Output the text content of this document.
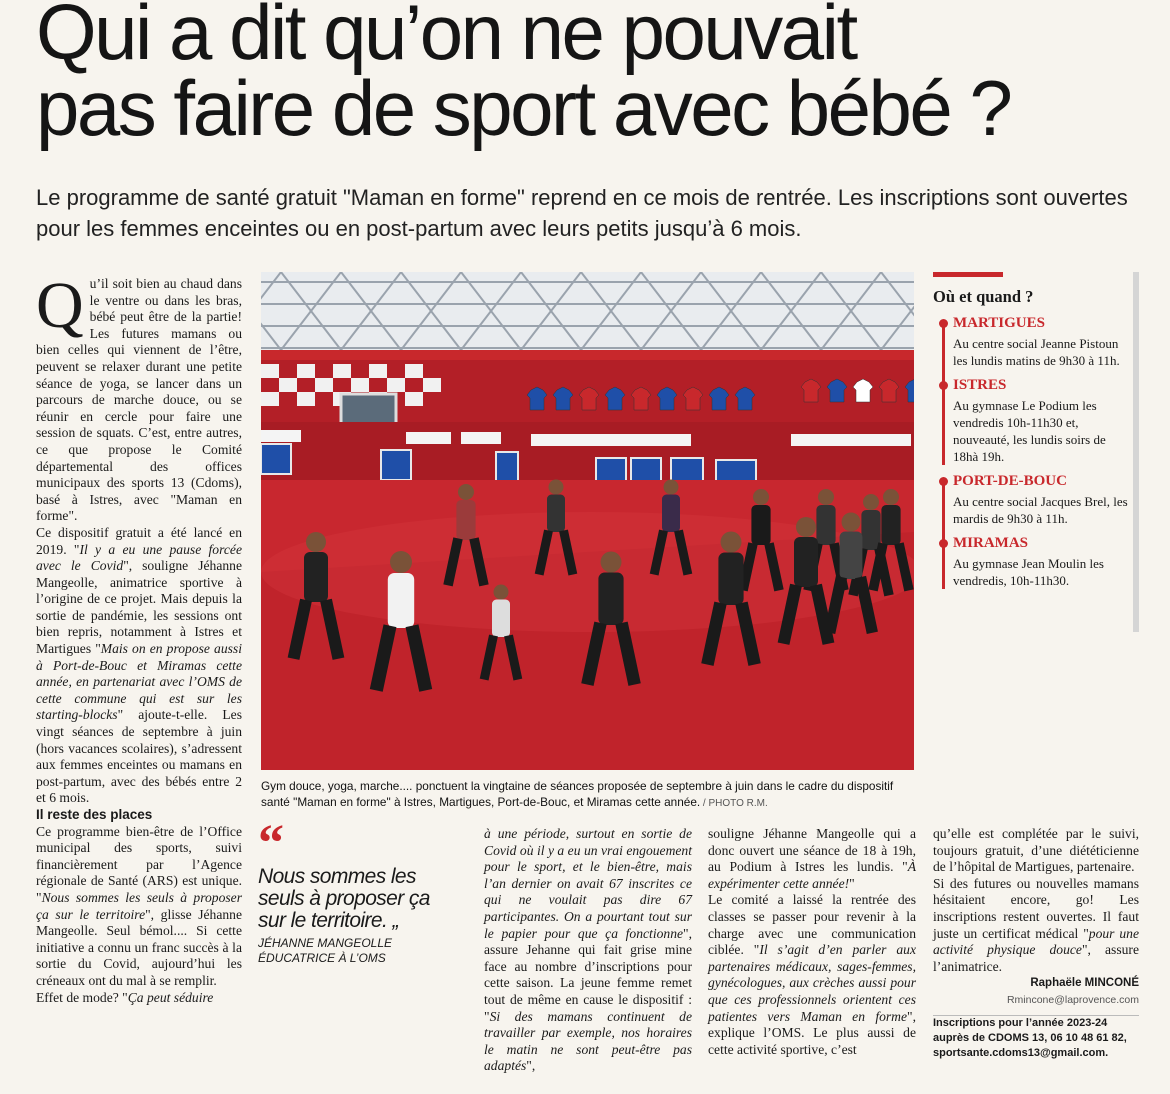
Qui a dit qu’on ne pouvait
pas faire de sport avec bébé ?

Le programme de santé gratuit "Maman en forme" reprend en ce mois de rentrée. Les inscriptions sont ouvertes pour les femmes enceintes ou en post-partum avec leurs petits jusqu’à 6 mois.

Qu’il soit bien au chaud dans le ventre ou dans les bras, bébé peut être de la partie! Les futures mamans ou bien celles qui viennent de l’être, peuvent se relaxer durant une petite séance de yoga, se lancer dans un parcours de marche douce, ou se réunir en cercle pour faire une session de squats. C’est, entre autres, ce que propose le Comité départemental des offices municipaux des sports 13 (Cdoms), basé à Istres, avec "Maman en forme".

Ce dispositif gratuit a été lancé en 2019. "Il y a eu une pause forcée avec le Covid", souligne Jéhanne Mangeolle, animatrice sportive à l’origine de ce projet. Mais depuis la sortie de pandémie, les sessions ont bien repris, notamment à Istres et Martigues "Mais on en propose aussi à Port-de-Bouc et Miramas cette année, en partenariat avec l’OMS de cette commune qui est sur les starting-blocks" ajoute-t-elle. Les vingt séances de septembre à juin (hors vacances scolaires), s’adressent aux femmes enceintes ou mamans en post-partum, avec des bébés entre 2 et 6 mois.

Il reste des places

Ce programme bien-être de l’Office municipal des sports, suivi financièrement par l’Agence régionale de Santé (ARS) est unique. "Nous sommes les seuls à proposer ça sur le territoire", glisse Jéhanne Mangeolle. Seul bémol.... Si cette initiative a connu un franc succès à la sortie du Covid, aujourd’hui les créneaux ont du mal à se remplir.

Effet de mode? "Ça peut séduire

Gym douce, yoga, marche.... ponctuent la vingtaine de séances proposée de septembre à juin dans le cadre du dispositif santé "Maman en forme" à Istres, Martigues, Port-de-Bouc, et Miramas cette année. / PHOTO R.M.
“
Nous sommes les seuls à proposer ça sur le territoire. „
JÉHANNE MANGEOLLE
ÉDUCATRICE À L’OMS

à une période, surtout en sortie de Covid où il y a eu un vrai engouement pour le sport, et le bien-être, mais l’an dernier on avait 67 inscrites ce qui ne voulait pas dire 67 participantes. On a pourtant tout sur le papier pour que ça fonctionne", assure Jehanne qui fait grise mine face au nombre d’inscriptions pour cette saison. La jeune femme remet tout de même en cause le dispositif : "Si des mamans continuent de travailler par exemple, nos horaires le matin ne sont peut-être pas adaptés",

souligne Jéhanne Mangeolle qui a donc ouvert une séance de 18 à 19h, au Podium à Istres les lundis. "À expérimenter cette année!"

Le comité a laissé la rentrée des classes se passer pour revenir à la charge avec une communication ciblée. "Il s’agit d’en parler aux partenaires médicaux, sages-femmes, gynécologues, aux crèches aussi pour que ces professionnels orientent ces patientes vers Maman en forme", explique l’OMS. Le plus aussi de cette activité sportive, c’est

qu’elle est complétée par le suivi, toujours gratuit, d’une diététicienne de l’hôpital de Martigues, partenaire.

Si des futures ou nouvelles mamans hésitaient encore, go! Les inscriptions restent ouvertes. Il faut juste un certificat médical "pour une activité physique douce", assure l’animatrice.

Raphaële MINCONÉ

Rmincone@laprovence.com

Inscriptions pour l’année 2023-24 auprès de CDOMS 13, 06 10 48 61 82, sportsante.cdoms13@gmail.com.

Où et quand ?
MARTIGUES
Au centre social Jeanne Pistoun les lundis matins de 9h30 à 11h.
ISTRES
Au gymnase Le Podium les vendredis 10h-11h30 et, nouveauté, les lundis soirs de 18hà 19h.
PORT-DE-BOUC
Au centre social Jacques Brel, les mardis de 9h30 à 11h.
MIRAMAS
Au gymnase Jean Moulin les vendredis, 10h-11h30.
